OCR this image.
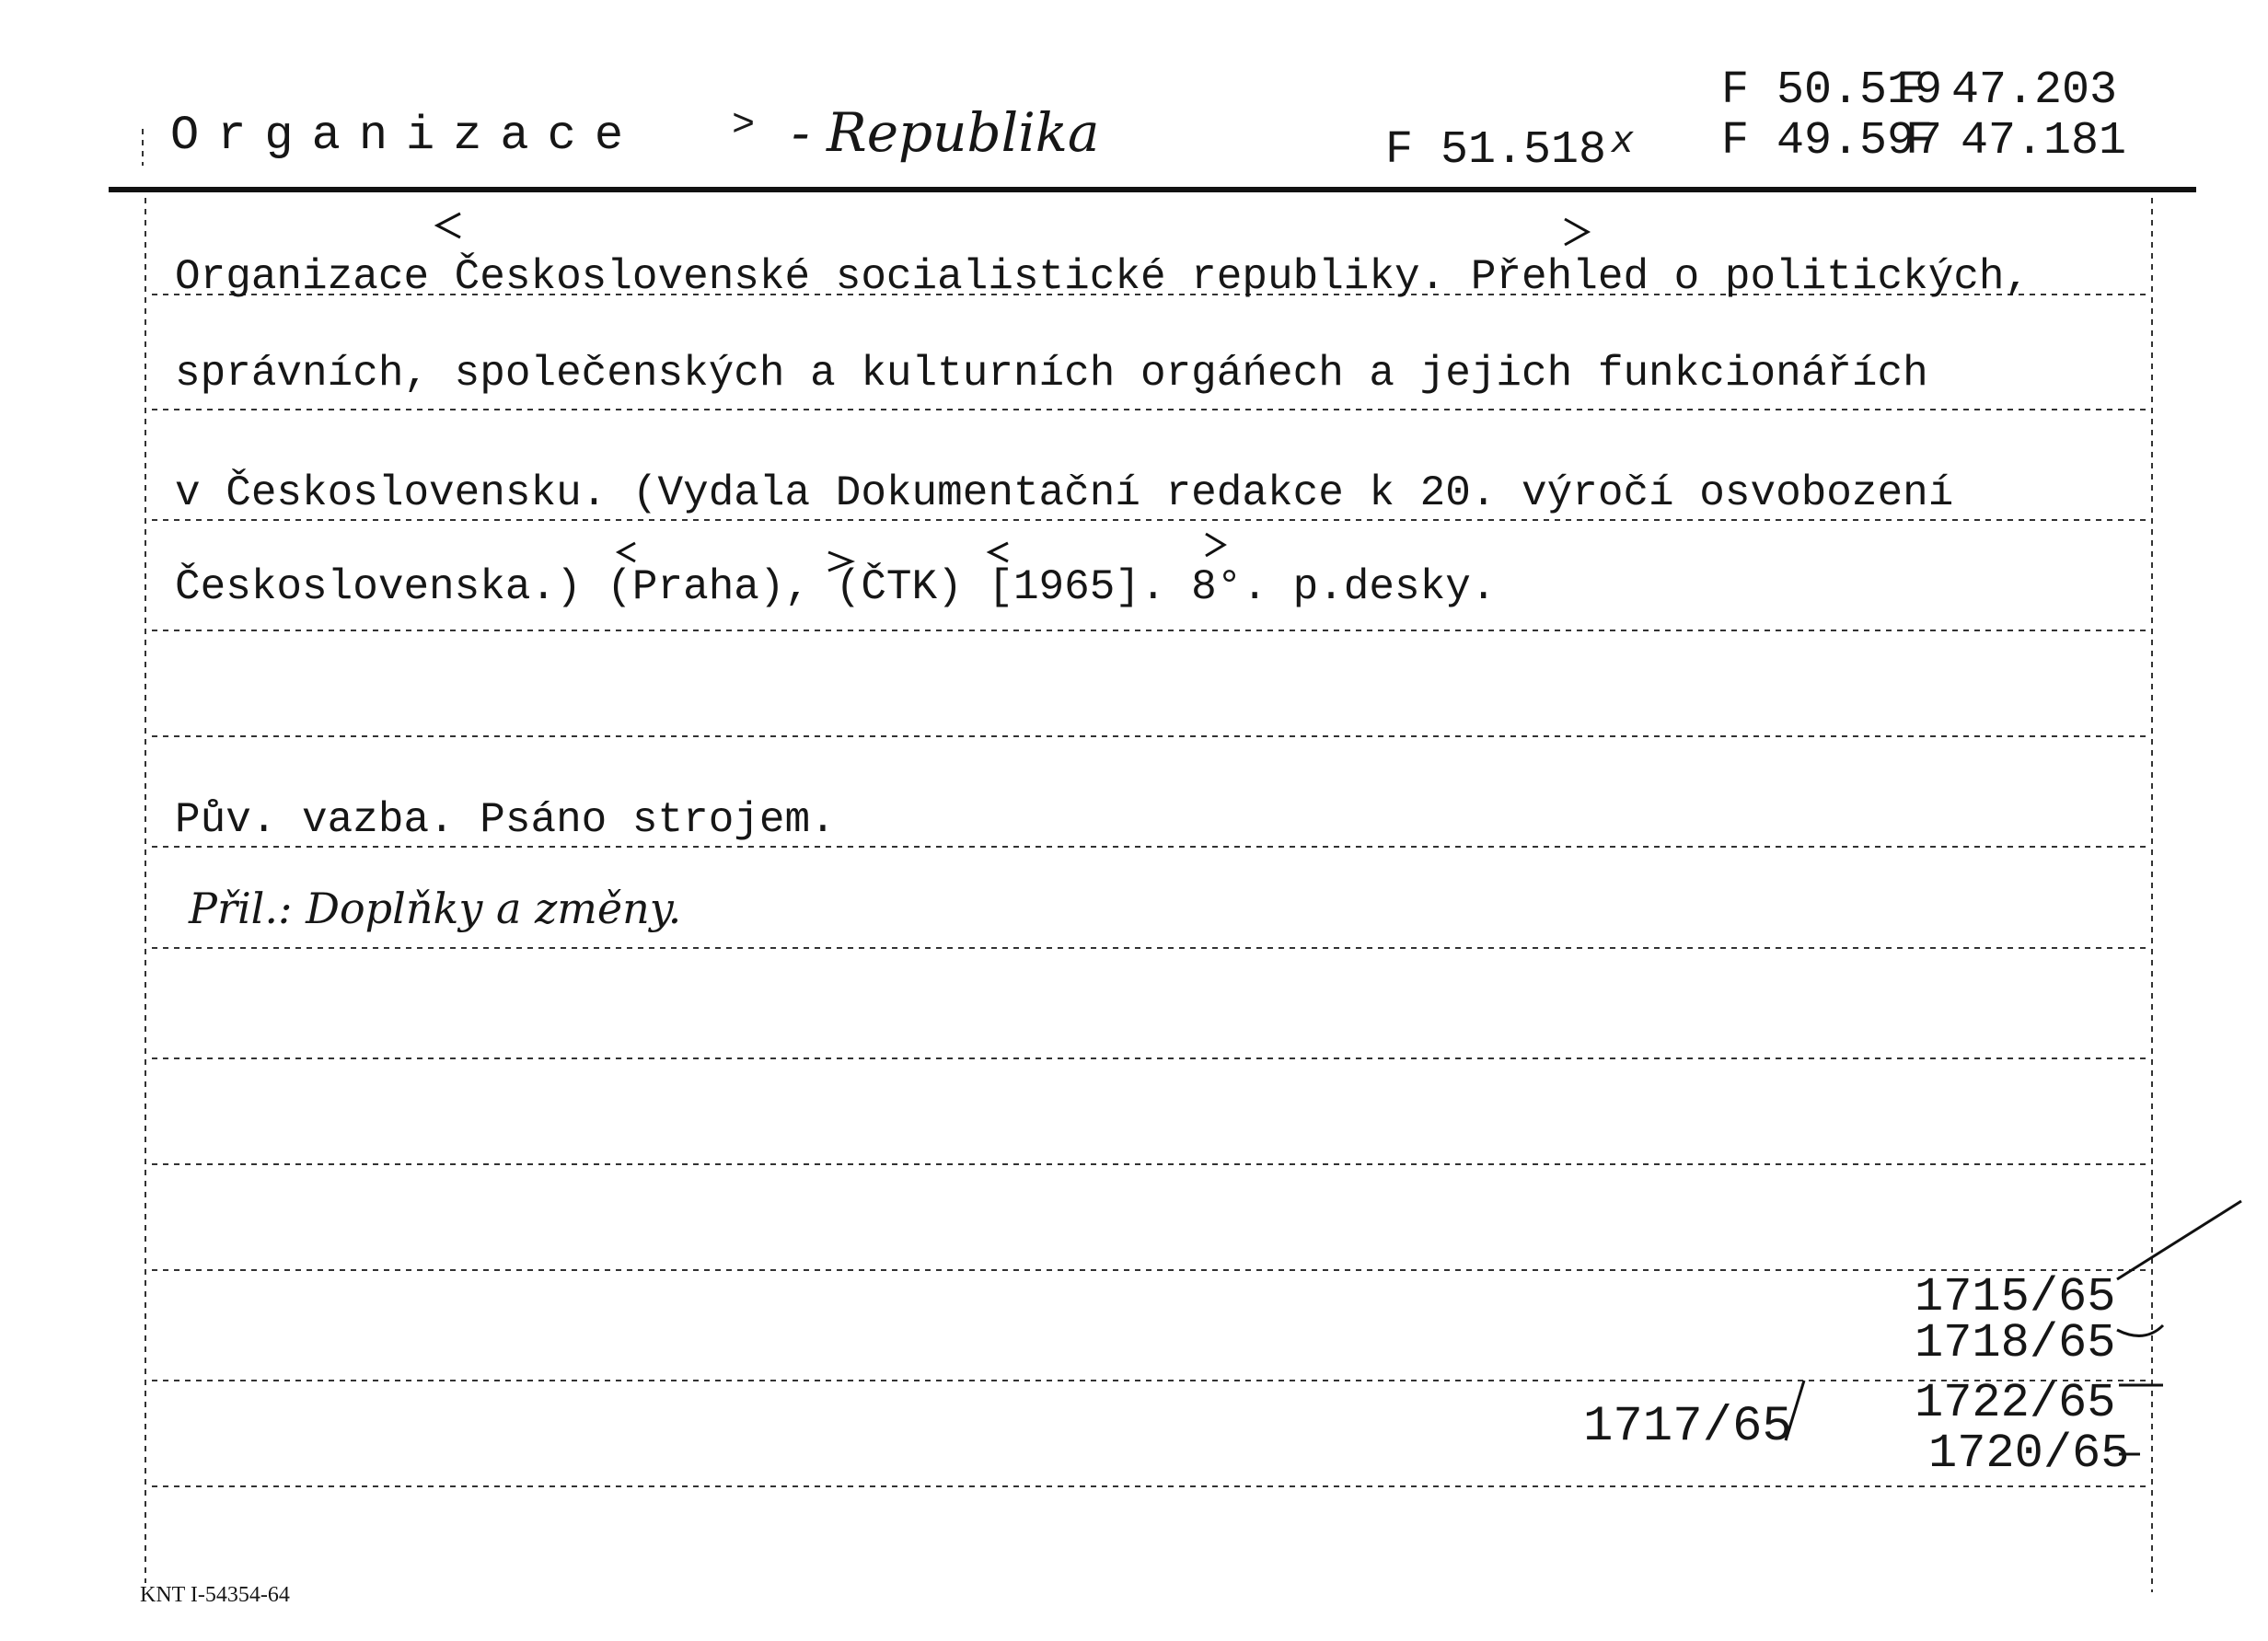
Organizace > - Republika	F 51.518 x
F 50.519
F 47.203
F 49.597
F 47.181
Organizace Československé socialistické republiky. Přehled o politických,
správních, společenských a kulturních orgáńech a jejich funkcionářích
v Československu. (Vydala Dokumentační redakce k 20. výročí osvobození
Československa.) (Praha), (ČTK) [1965]. 8°. p.desky.
Pův. vazba. Psáno strojem.
Přil.: Doplňky a změny.
1715/65
1718/65
1722/65
1720/65
1717/65
KNT I-54354-64
